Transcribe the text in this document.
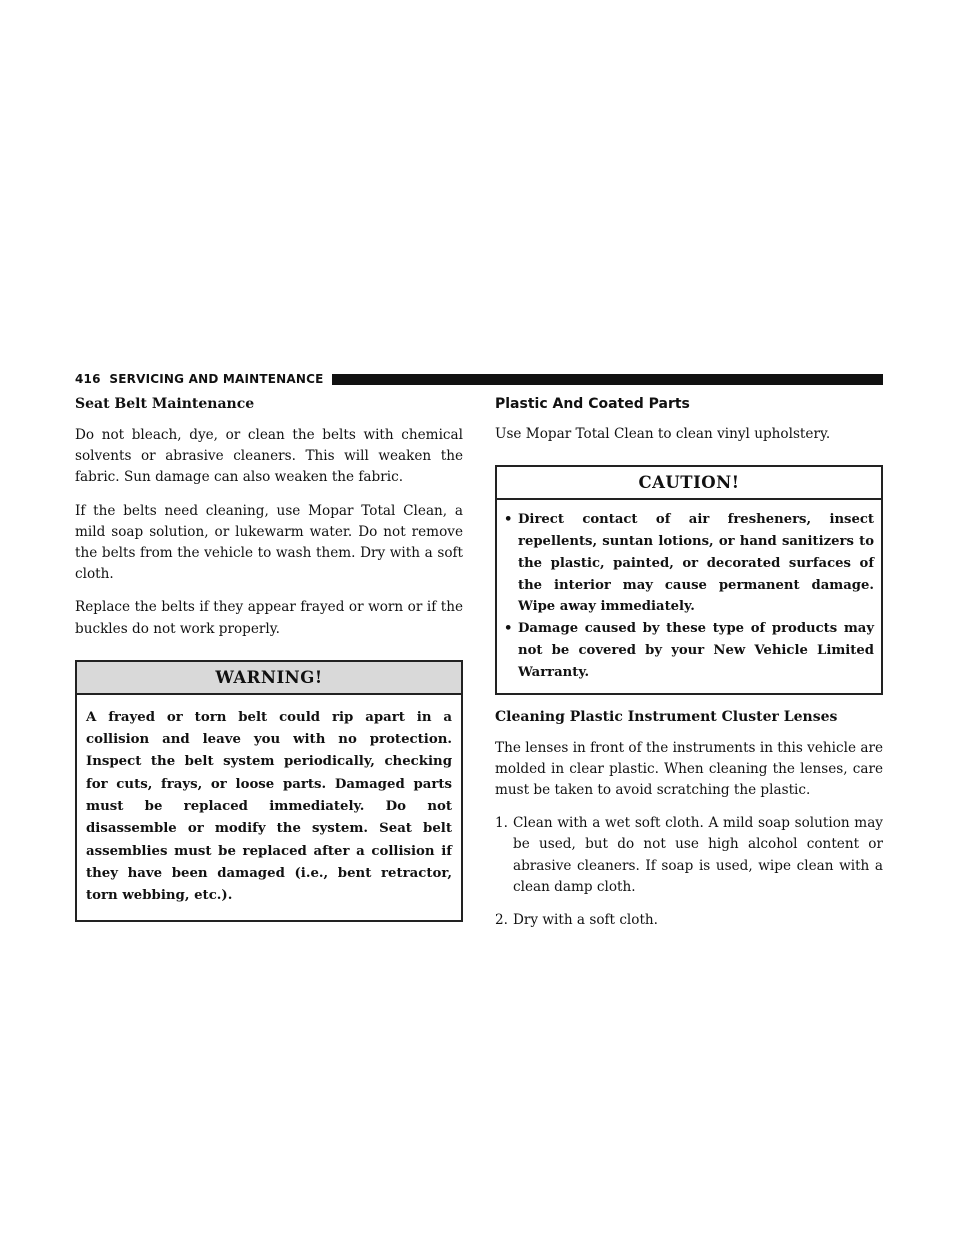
416 SERVICING AND MAINTENANCE
Seat Belt Maintenance

Do not bleach, dye, or clean the belts with chemical solvents or abrasive cleaners. This will weaken the fabric. Sun damage can also weaken the fabric.

If the belts need cleaning, use Mopar Total Clean, a mild soap solution, or lukewarm water. Do not remove the belts from the vehicle to wash them. Dry with a soft cloth.

Replace the belts if they appear frayed or worn or if the buckles do not work properly.

WARNING!
A frayed or torn belt could rip apart in a collision and leave you with no protection. Inspect the belt system periodically, checking for cuts, frays, or loose parts. Damaged parts must be replaced immediately. Do not disassemble or modify the system. Seat belt assemblies must be replaced after a collision if they have been damaged (i.e., bent retractor, torn webbing, etc.).
Plastic And Coated Parts

Use Mopar Total Clean to clean vinyl upholstery.

CAUTION!
• Direct contact of air fresheners, insect repellents, suntan lotions, or hand sanitizers to the plastic, painted, or decorated surfaces of the interior may cause permanent damage. Wipe away immediately.
• Damage caused by these type of products may not be covered by your New Vehicle Limited Warranty.
Cleaning Plastic Instrument Cluster Lenses

The lenses in front of the instruments in this vehicle are molded in clear plastic. When cleaning the lenses, care must be taken to avoid scratching the plastic.

1. Clean with a wet soft cloth. A mild soap solution may be used, but do not use high alcohol content or abrasive cleaners. If soap is used, wipe clean with a clean damp cloth.
2. Dry with a soft cloth.
